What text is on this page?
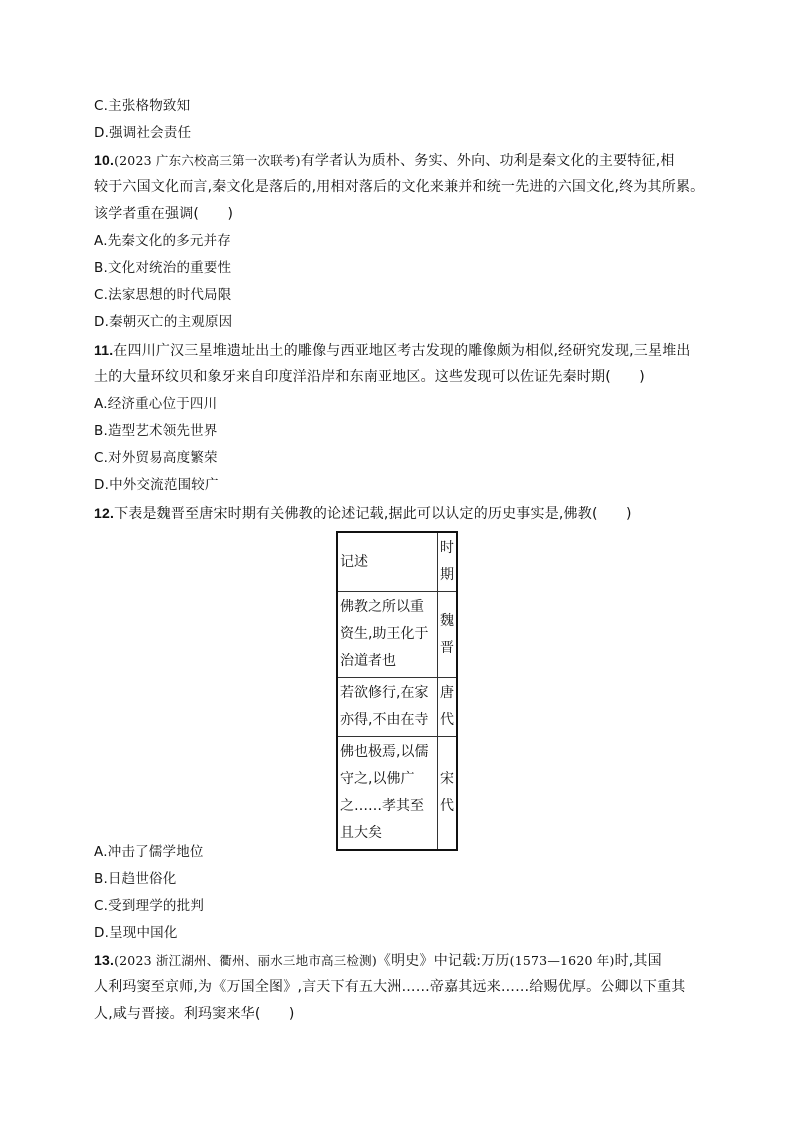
C.主张格物致知
D.强调社会责任
10.(2023 广东六校高三第一次联考)有学者认为质朴、务实、外向、功利是秦文化的主要特征,相
较于六国文化而言,秦文化是落后的,用相对落后的文化来兼并和统一先进的六国文化,终为其所累。
该学者重在强调(　　)
A.先秦文化的多元并存
B.文化对统治的重要性
C.法家思想的时代局限
D.秦朝灭亡的主观原因
11.在四川广汉三星堆遗址出土的雕像与西亚地区考古发现的雕像颇为相似,经研究发现,三星堆出
土的大量环纹贝和象牙来自印度洋沿岸和东南亚地区。这些发现可以佐证先秦时期(　　)
A.经济重心位于四川
B.造型艺术领先世界
C.对外贸易高度繁荣
D.中外交流范围较广
12.下表是魏晋至唐宋时期有关佛教的论述记载,据此可以认定的历史事实是,佛教(　　)
记述	时期

佛教之所以重资生,助王化于治道者也	魏晋

若欲修行,在家亦得,不由在寺	唐代

佛也极焉,以儒守之,以佛广之……孝其至且大矣	宋代
A.冲击了儒学地位
B.日趋世俗化
C.受到理学的批判
D.呈现中国化
13.(2023 浙江湖州、衢州、丽水三地市高三检测)《明史》中记载:万历(1573—1620 年)时,其国
人利玛窦至京师,为《万国全图》,言天下有五大洲……帝嘉其远来……给赐优厚。公卿以下重其
人,咸与晋接。利玛窦来华(　　)
